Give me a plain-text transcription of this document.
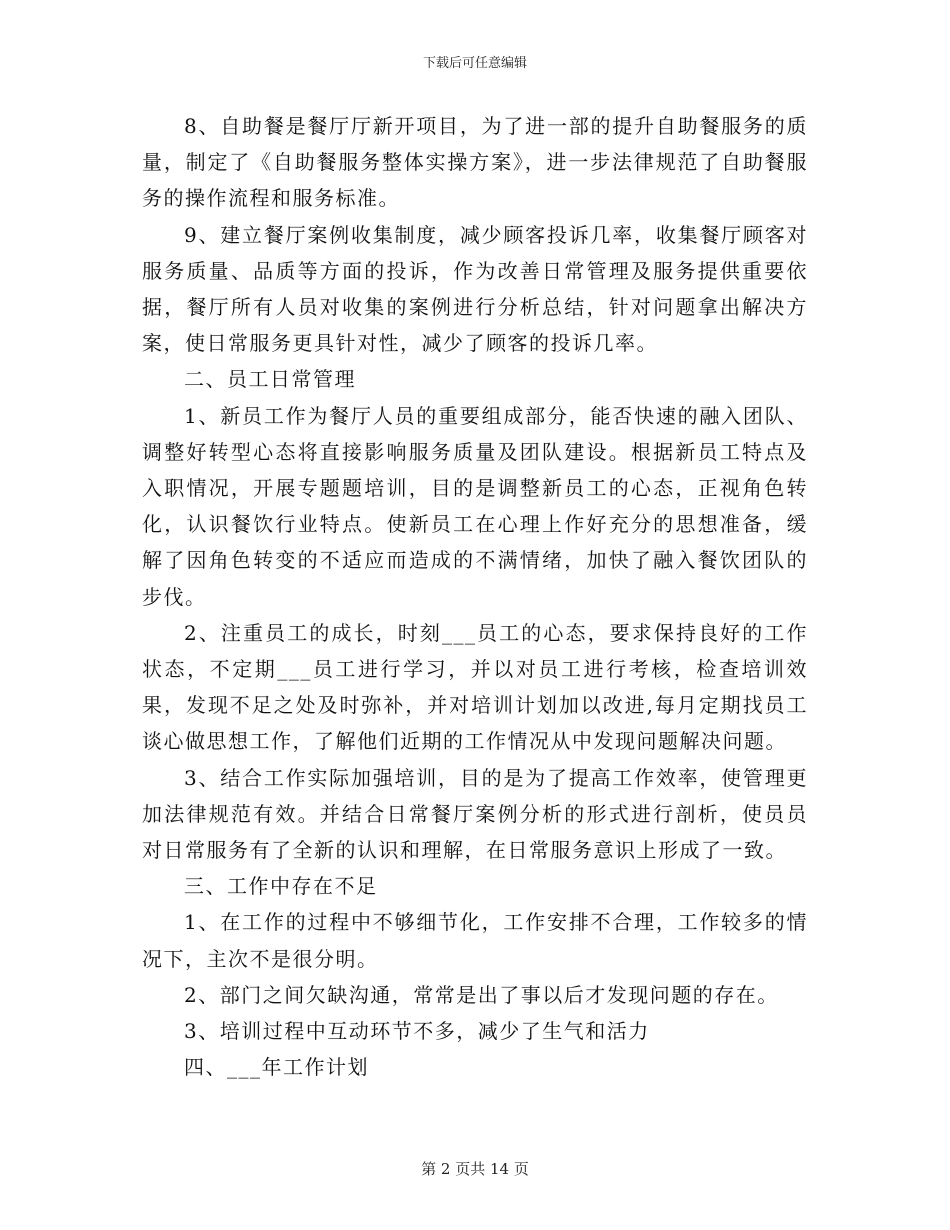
下载后可任意编辑

8、自助餐是餐厅厅新开项目，为了进一部的提升自助餐服务的质量，制定了《自助餐服务整体实操方案》，进一步法律规范了自助餐服务的操作流程和服务标准。

9、建立餐厅案例收集制度，减少顾客投诉几率，收集餐厅顾客对服务质量、品质等方面的投诉，作为改善日常管理及服务提供重要依据，餐厅所有人员对收集的案例进行分析总结，针对问题拿出解决方案，使日常服务更具针对性，减少了顾客的投诉几率。

二、员工日常管理

1、新员工作为餐厅人员的重要组成部分，能否快速的融入团队、调整好转型心态将直接影响服务质量及团队建设。根据新员工特点及入职情况，开展专题题培训，目的是调整新员工的心态，正视角色转化，认识餐饮行业特点。使新员工在心理上作好充分的思想准备，缓解了因角色转变的不适应而造成的不满情绪，加快了融入餐饮团队的步伐。

2、注重员工的成长，时刻___员工的心态，要求保持良好的工作状态，不定期___员工进行学习，并以对员工进行考核，检查培训效果，发现不足之处及时弥补，并对培训计划加以改进,每月定期找员工谈心做思想工作，了解他们近期的工作情况从中发现问题解决问题。

3、结合工作实际加强培训，目的是为了提高工作效率，使管理更加法律规范有效。并结合日常餐厅案例分析的形式进行剖析，使员员对日常服务有了全新的认识和理解，在日常服务意识上形成了一致。

三、工作中存在不足

1、在工作的过程中不够细节化，工作安排不合理，工作较多的情况下，主次不是很分明。

2、部门之间欠缺沟通，常常是出了事以后才发现问题的存在。

3、培训过程中互动环节不多，减少了生气和活力

四、___年工作计划

第 2 页共 14 页
